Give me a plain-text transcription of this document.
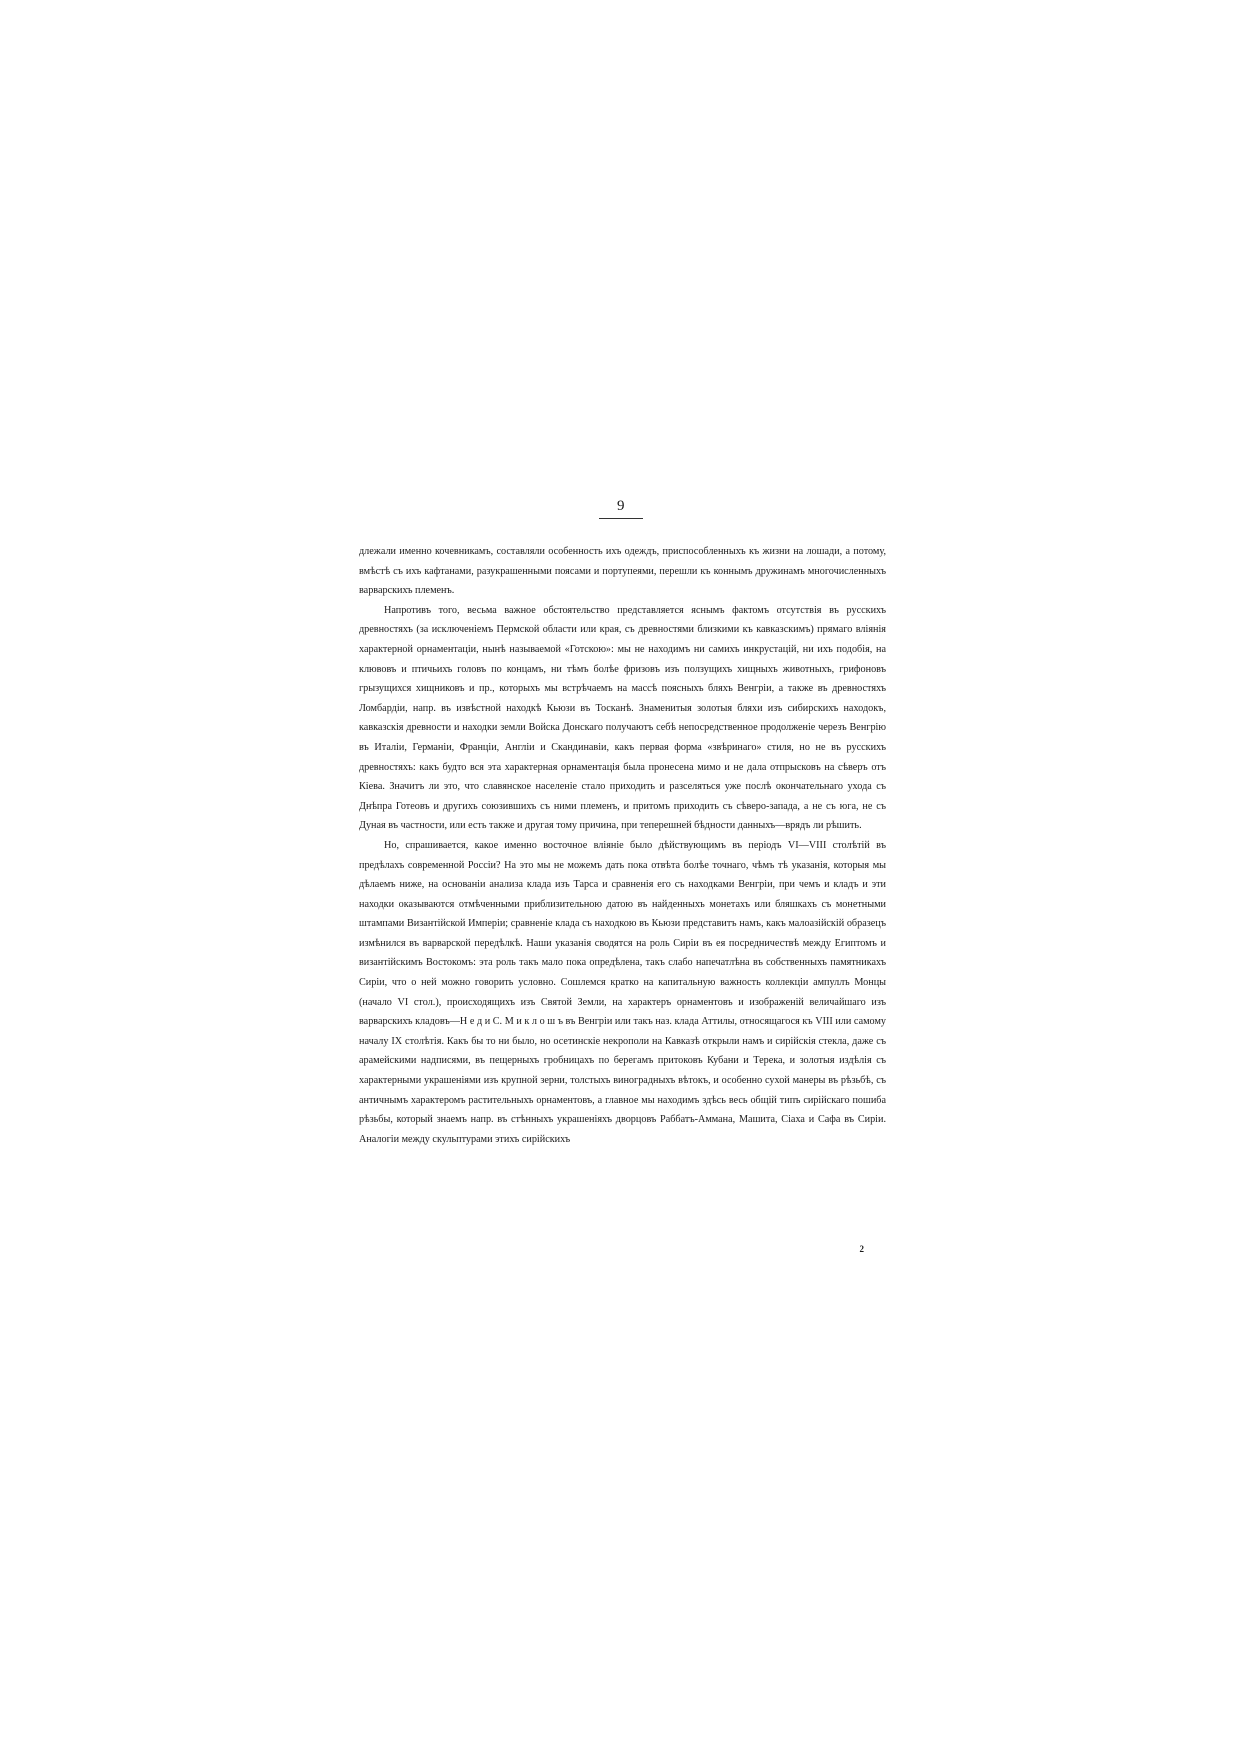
9

длежали именно кочевникамъ, составляли особенность ихъ одеждъ, приспособленныхъ къ жизни на лошади, а потому, вмѣстѣ съ ихъ кафтанами, разукрашенными поясами и портупеями, перешли къ коннымъ дружинамъ многочисленныхъ варварскихъ племенъ.

Напротивъ того, весьма важное обстоятельство представляется яснымъ фактомъ отсутствія въ русскихъ древностяхъ (за исключеніемъ Пермской области или края, съ древностями близкими къ кавказскимъ) прямаго вліянія характерной орнаментаціи, нынѣ называемой «Готскою»: мы не находимъ ни самихъ инкрустацій, ни ихъ подобія, на клювовъ и птичьихъ головъ по концамъ, ни тѣмъ болѣе фризовъ изъ ползущихъ хищныхъ животныхъ, грифоновъ грызущихся хищниковъ и пр., которыхъ мы встрѣчаемъ на массѣ поясныхъ бляхъ Венгріи, а также въ древностяхъ Ломбардіи, напр. въ извѣстной находкѣ Кьюзи въ Тосканѣ. Знаменитыя золотыя бляхи изъ сибирскихъ находокъ, кавказскія древности и находки земли Войска Донскаго получаютъ себѣ непосредственное продолженіе черезъ Венгрію въ Италіи, Германіи, Франціи, Англіи и Скандинавіи, какъ первая форма «звѣринаго» стиля, но не въ русскихъ древностяхъ: какъ будто вся эта характерная орнаментація была пронесена мимо и не дала отпрысковъ на сѣверъ отъ Кіева. Значитъ ли это, что славянское населеніе стало приходить и разселяться уже послѣ окончательнаго ухода съ Днѣпра Готеовъ и другихъ союзившихъ съ ними племенъ, и притомъ приходить съ сѣверо-запада, а не съ юга, не съ Дуная въ частности, или есть также и другая тому причина, при теперешней бѣдности данныхъ—врядъ ли рѣшить.

Но, спрашивается, какое именно восточное вліяніе было дѣйствующимъ въ періодъ VI—VIII столѣтій въ предѣлахъ современной Россіи? На это мы не можемъ дать пока отвѣта болѣе точнаго, чѣмъ тѣ указанія, которыя мы дѣлаемъ ниже, на основаніи анализа клада изъ Тарса и сравненія его съ находками Венгріи, при чемъ и кладъ и эти находки оказываются отмѣченными приблизительною датою въ найденныхъ монетахъ или бляшкахъ съ монетными штампами Византійской Имперіи; сравненіе клада съ находкою въ Кьюзи представитъ намъ, какъ малоазійскій образецъ измѣнился въ варварской передѣлкѣ. Наши указанія сводятся на роль Сиріи въ ея посредничествѣ между Египтомъ и византійскимъ Востокомъ: эта роль такъ мало пока опредѣлена, такъ слабо напечатлѣна въ собственныхъ памятникахъ Сиріи, что о ней можно говорить условно. Сошлемся кратко на капитальную важность коллекціи ампуллъ Монцы (начало VI стол.), происходящихъ изъ Святой Земли, на характеръ орнаментовъ и изображеній величайшаго изъ варварскихъ кладовъ—Н е д и С. М и к л о ш ъ въ Венгріи или такъ наз. клада Аттилы, относящагося къ VIII или самому началу IX столѣтія. Какъ бы то ни было, но осетинскіе некрополи на Кавказѣ открыли намъ и сирійскія стекла, даже съ арамейскими надписями, въ пещерныхъ гробницахъ по берегамъ притоковъ Кубани и Терека, и золотыя издѣлія съ характерными украшеніями изъ крупной зерни, толстыхъ виноградныхъ вѣтокъ, и особенно сухой манеры въ рѣзьбѣ, съ античнымъ характеромъ растительныхъ орнаментовъ, а главное мы находимъ здѣсь весь общій типъ сирійскаго пошиба рѣзьбы, который знаемъ напр. въ стѣнныхъ украшеніяхъ дворцовъ Раббатъ-Аммана, Машита, Сіаха и Сафа въ Сиріи. Аналогіи между скульптурами этихъ сирійскихъ

2
